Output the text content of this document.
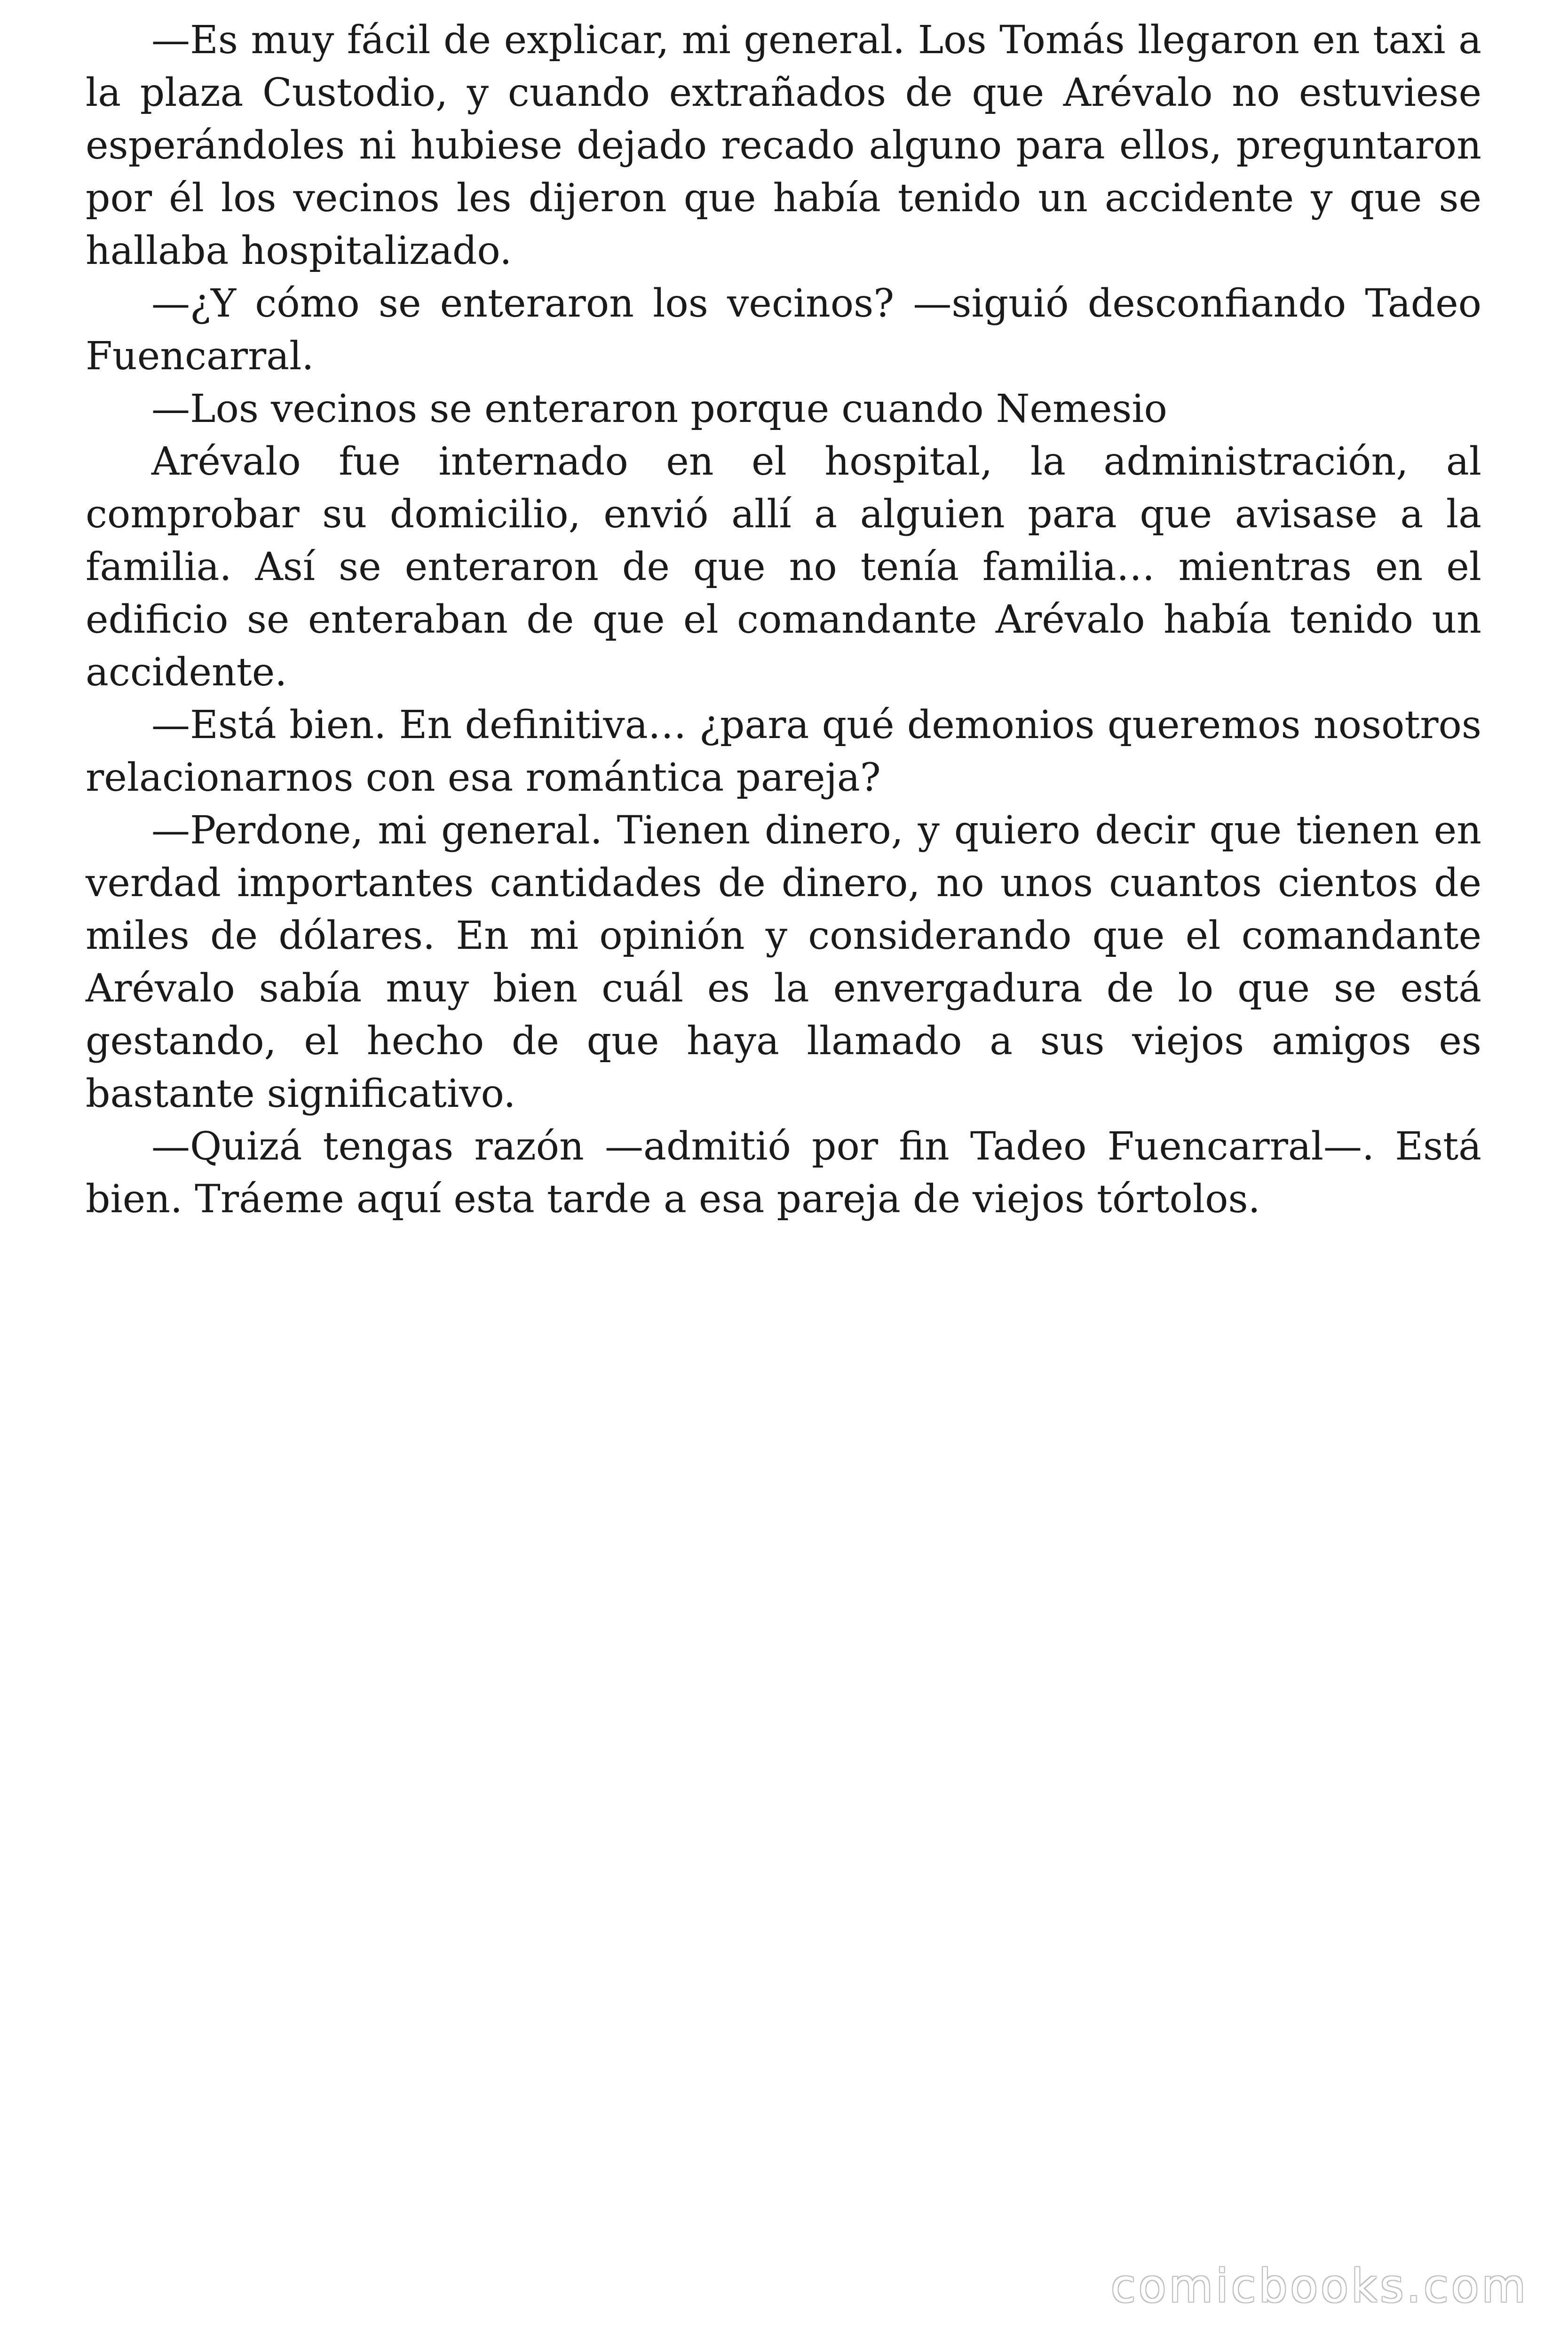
—Es muy fácil de explicar, mi general. Los Tomás llegaron en taxi a la plaza Custodio, y cuando extrañados de que Arévalo no estuviese esperándoles ni hubiese dejado recado alguno para ellos, preguntaron por él los vecinos les dijeron que había tenido un accidente y que se hallaba hospitalizado.

—¿Y cómo se enteraron los vecinos? —siguió desconfiando Tadeo Fuencarral.

—Los vecinos se enteraron porque cuando Nemesio

Arévalo fue internado en el hospital, la administración, al comprobar su domicilio, envió allí a alguien para que avisase a la familia. Así se enteraron de que no tenía familia… mientras en el edificio se enteraban de que el comandante Arévalo había tenido un accidente.

—Está bien. En definitiva… ¿para qué demonios queremos nosotros relacionarnos con esa romántica pareja?

—Perdone, mi general. Tienen dinero, y quiero decir que tienen en verdad importantes cantidades de dinero, no unos cuantos cientos de miles de dólares. En mi opinión y considerando que el comandante Arévalo sabía muy bien cuál es la envergadura de lo que se está gestando, el hecho de que haya llamado a sus viejos amigos es bastante significativo.

—Quizá tengas razón —admitió por fin Tadeo Fuencarral—. Está bien. Tráeme aquí esta tarde a esa pareja de viejos tórtolos.

comicbooks.com
